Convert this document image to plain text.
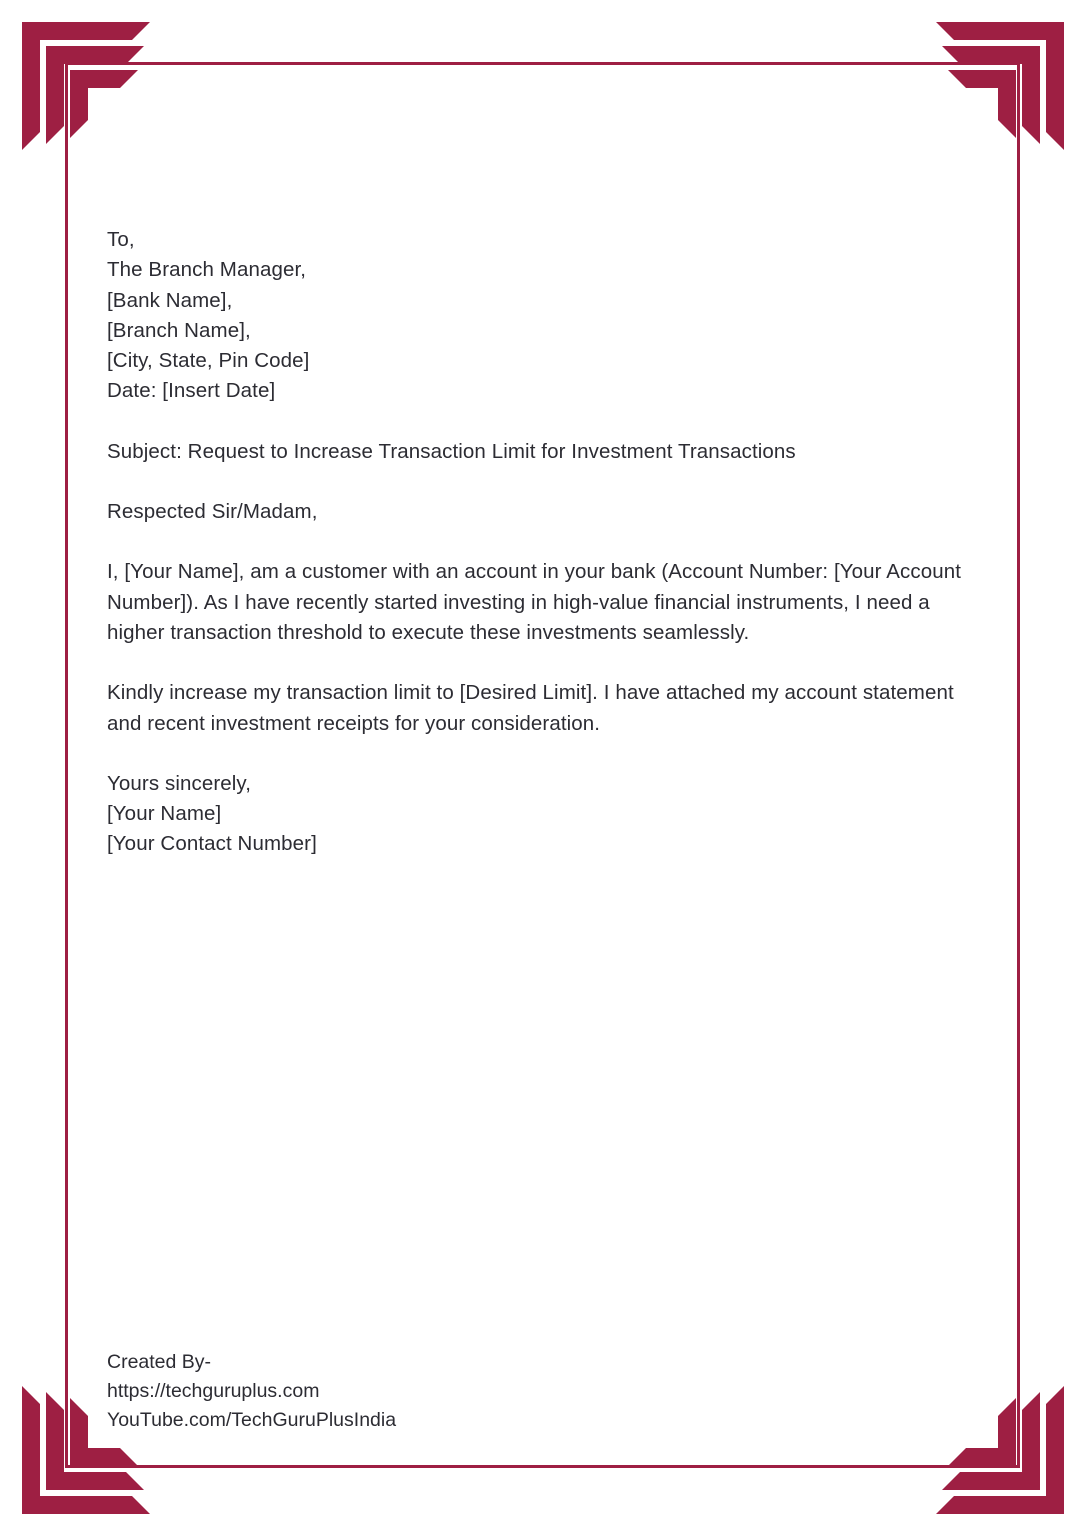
To,
The Branch Manager,
[Bank Name],
[Branch Name],
[City, State, Pin Code]
Date: [Insert Date]
Subject: Request to Increase Transaction Limit for Investment Transactions
Respected Sir/Madam,
I, [Your Name], am a customer with an account in your bank (Account Number: [Your Account Number]). As I have recently started investing in high-value financial instruments, I need a higher transaction threshold to execute these investments seamlessly.
Kindly increase my transaction limit to [Desired Limit]. I have attached my account statement and recent investment receipts for your consideration.
Yours sincerely,
[Your Name]
[Your Contact Number]
Created By-
https://techguruplus.com
YouTube.com/TechGuruPlusIndia
